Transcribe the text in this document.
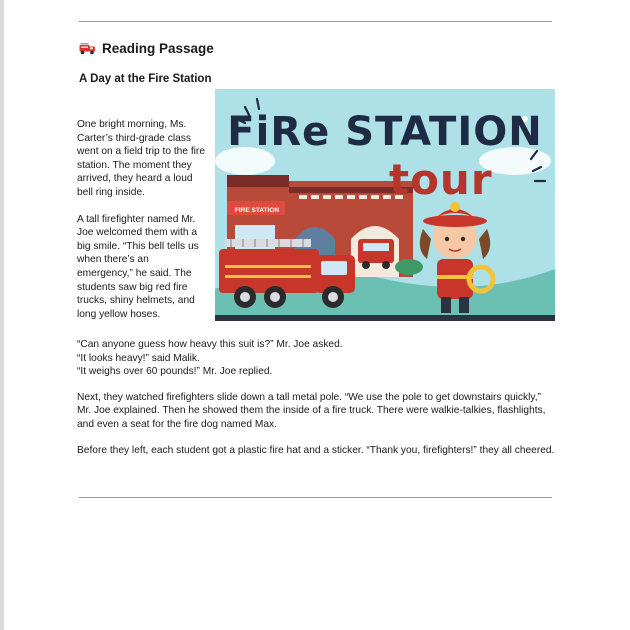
Reading Passage
A Day at the Fire Station

One bright morning, Ms. Carter’s third-grade class went on a field trip to the fire station. The moment they arrived, they heard a loud bell ring inside.

A tall firefighter named Mr. Joe welcomed them with a big smile. “This bell tells us when there’s an emergency,” he said. The students saw big red fire trucks, shiny helmets, and long yellow hoses.

FiRe STATION
tour
FIRE STATION

“Can anyone guess how heavy this suit is?” Mr. Joe asked.
“It looks heavy!” said Malik.
“It weighs over 60 pounds!” Mr. Joe replied.

Next, they watched firefighters slide down a tall metal pole. “We use the pole to get downstairs quickly,” Mr. Joe explained. Then he showed them the inside of a fire truck. There were walkie-talkies, flashlights, and even a seat for the fire dog named Max.

Before they left, each student got a plastic fire hat and a sticker. “Thank you, firefighters!” they all cheered.
